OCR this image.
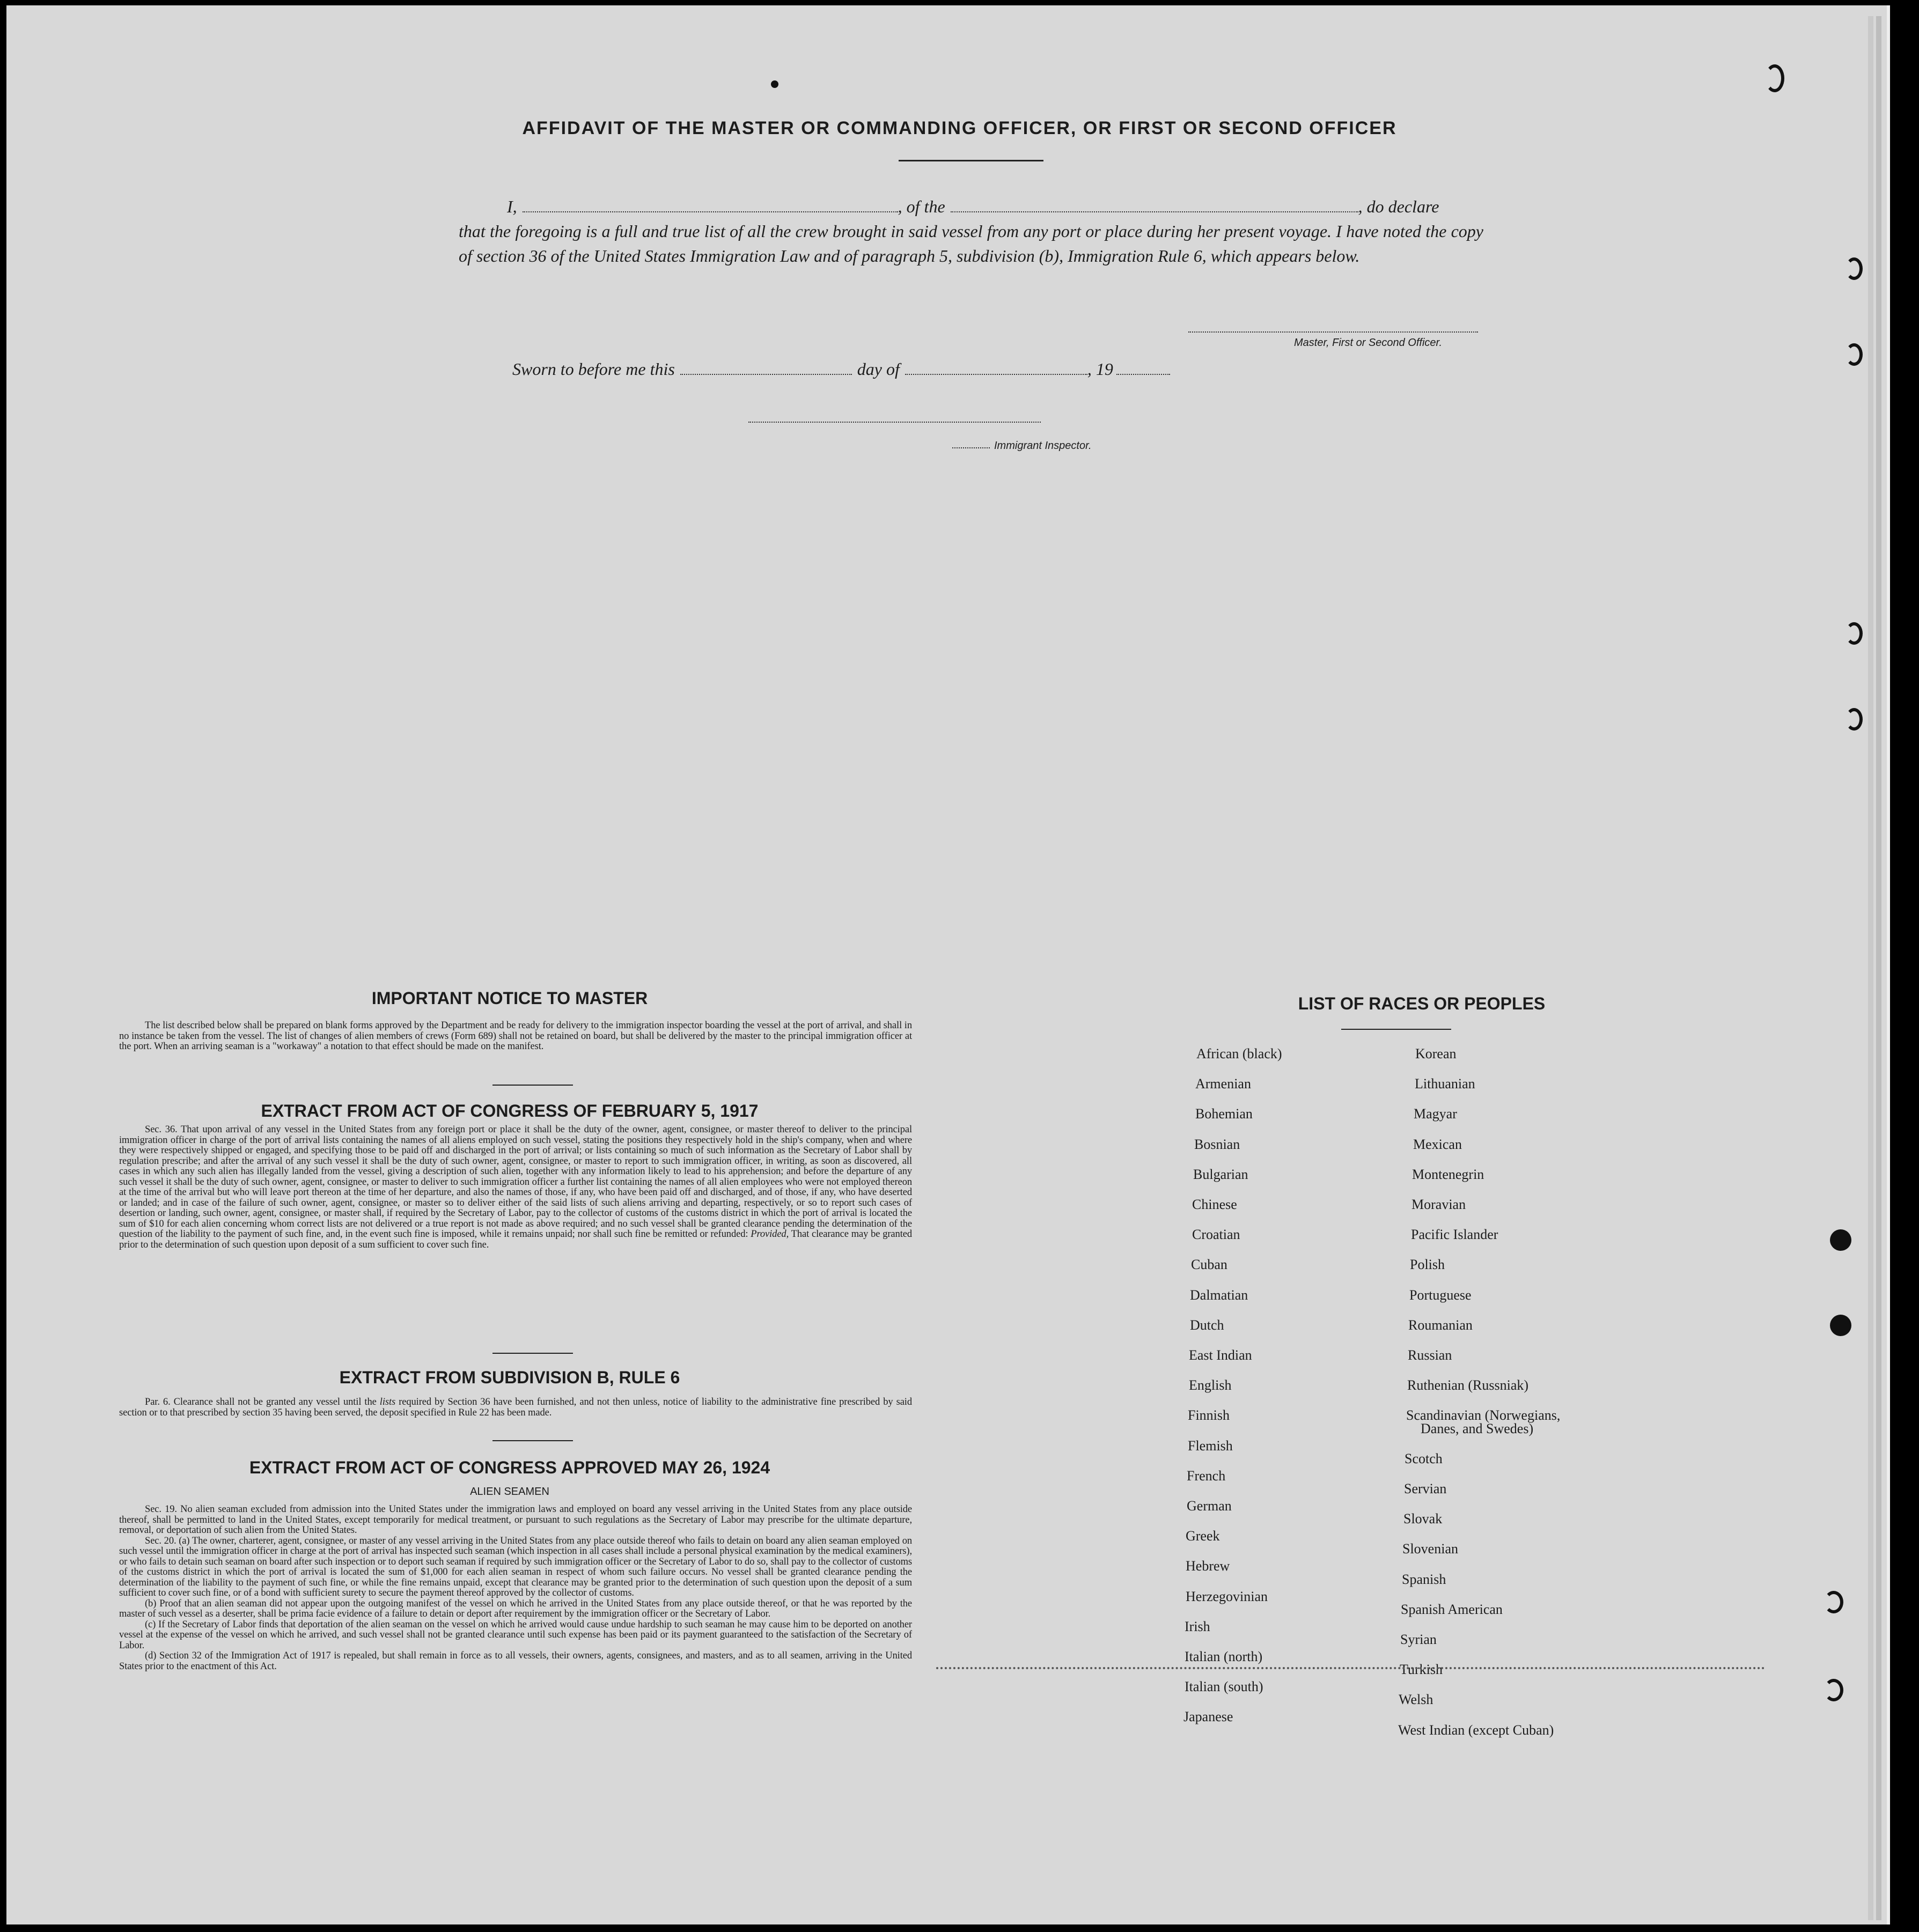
AFFIDAVIT OF THE MASTER OR COMMANDING OFFICER, OR FIRST OR SECOND OFFICER
I,	, of the	, do declare
that the foregoing is a full and true list of all the crew brought in said vessel from any port or place during her present voyage. I have noted the copy of section 36 of the United States Immigration Law and of paragraph 5, subdivision (b), Immigration Rule 6, which appears below.
Master, First or Second Officer.
Sworn to before me this	day of	, 19
Immigrant Inspector.
IMPORTANT NOTICE TO MASTER

The list described below shall be prepared on blank forms approved by the Department and be ready for delivery to the immigration inspector boarding the vessel at the port of arrival, and shall in no instance be taken from the vessel. The list of changes of alien members of crews (Form 689) shall not be retained on board, but shall be delivered by the master to the principal immigration officer at the port. When an arriving seaman is a "workaway" a notation to that effect should be made on the manifest.

EXTRACT FROM ACT OF CONGRESS OF FEBRUARY 5, 1917

Sec. 36. That upon arrival of any vessel in the United States from any foreign port or place it shall be the duty of the owner, agent, consignee, or master thereof to deliver to the principal immigration officer in charge of the port of arrival lists containing the names of all aliens employed on such vessel, stating the positions they respectively hold in the ship's company, when and where they were respectively shipped or engaged, and specifying those to be paid off and discharged in the port of arrival; or lists containing so much of such information as the Secretary of Labor shall by regulation prescribe; and after the arrival of any such vessel it shall be the duty of such owner, agent, consignee, or master to report to such immigration officer, in writing, as soon as discovered, all cases in which any such alien has illegally landed from the vessel, giving a description of such alien, together with any information likely to lead to his apprehension; and before the departure of any such vessel it shall be the duty of such owner, agent, consignee, or master to deliver to such immigration officer a further list containing the names of all alien employees who were not employed thereon at the time of the arrival but who will leave port thereon at the time of her departure, and also the names of those, if any, who have been paid off and discharged, and of those, if any, who have deserted or landed; and in case of the failure of such owner, agent, consignee, or master so to deliver either of the said lists of such aliens arriving and departing, respectively, or so to report such cases of desertion or landing, such owner, agent, consignee, or master shall, if required by the Secretary of Labor, pay to the collector of customs of the customs district in which the port of arrival is located the sum of $10 for each alien concerning whom correct lists are not delivered or a true report is not made as above required; and no such vessel shall be granted clearance pending the determination of the question of the liability to the payment of such fine, and, in the event such fine is imposed, while it remains unpaid; nor shall such fine be remitted or refunded: Provided, That clearance may be granted prior to the determination of such question upon deposit of a sum sufficient to cover such fine.

EXTRACT FROM SUBDIVISION B, RULE 6

Par. 6. Clearance shall not be granted any vessel until the lists required by Section 36 have been furnished, and not then unless, notice of liability to the administrative fine prescribed by said section or to that prescribed by section 35 having been served, the deposit specified in Rule 22 has been made.

EXTRACT FROM ACT OF CONGRESS APPROVED MAY 26, 1924
ALIEN SEAMEN

Sec. 19. No alien seaman excluded from admission into the United States under the immigration laws and employed on board any vessel arriving in the United States from any place outside thereof, shall be permitted to land in the United States, except temporarily for medical treatment, or pursuant to such regulations as the Secretary of Labor may prescribe for the ultimate departure, removal, or deportation of such alien from the United States.

Sec. 20. (a) The owner, charterer, agent, consignee, or master of any vessel arriving in the United States from any place outside thereof who fails to detain on board any alien seaman employed on such vessel until the immigration officer in charge at the port of arrival has inspected such seaman (which inspection in all cases shall include a personal physical examination by the medical examiners), or who fails to detain such seaman on board after such inspection or to deport such seaman if required by such immigration officer or the Secretary of Labor to do so, shall pay to the collector of customs of the customs district in which the port of arrival is located the sum of $1,000 for each alien seaman in respect of whom such failure occurs. No vessel shall be granted clearance pending the determination of the liability to the payment of such fine, or while the fine remains unpaid, except that clearance may be granted prior to the determination of such question upon the deposit of a sum sufficient to cover such fine, or of a bond with sufficient surety to secure the payment thereof approved by the collector of customs.

(b) Proof that an alien seaman did not appear upon the outgoing manifest of the vessel on which he arrived in the United States from any place outside thereof, or that he was reported by the master of such vessel as a deserter, shall be prima facie evidence of a failure to detain or deport after requirement by the immigration officer or the Secretary of Labor.

(c) If the Secretary of Labor finds that deportation of the alien seaman on the vessel on which he arrived would cause undue hardship to such seaman he may cause him to be deported on another vessel at the expense of the vessel on which he arrived, and such vessel shall not be granted clearance until such expense has been paid or its payment guaranteed to the satisfaction of the Secretary of Labor.

(d) Section 32 of the Immigration Act of 1917 is repealed, but shall remain in force as to all vessels, their owners, agents, consignees, and masters, and as to all seamen, arriving in the United States prior to the enactment of this Act.

LIST OF RACES OR PEOPLES
African (black)
Armenian
Bohemian
Bosnian
Bulgarian
Chinese
Croatian
Cuban
Dalmatian
Dutch
East Indian
English
Finnish
Flemish
French
German
Greek
Hebrew
Herzegovinian
Irish
Italian (north)
Italian (south)
Japanese
Korean
Lithuanian
Magyar
Mexican
Montenegrin
Moravian
Pacific Islander
Polish
Portuguese
Roumanian
Russian
Ruthenian (Russniak)
Scandinavian (Norwegians,
Danes, and Swedes)
Scotch
Servian
Slovak
Slovenian
Spanish
Spanish American
Syrian
Turkish
Welsh
West Indian (except Cuban)
